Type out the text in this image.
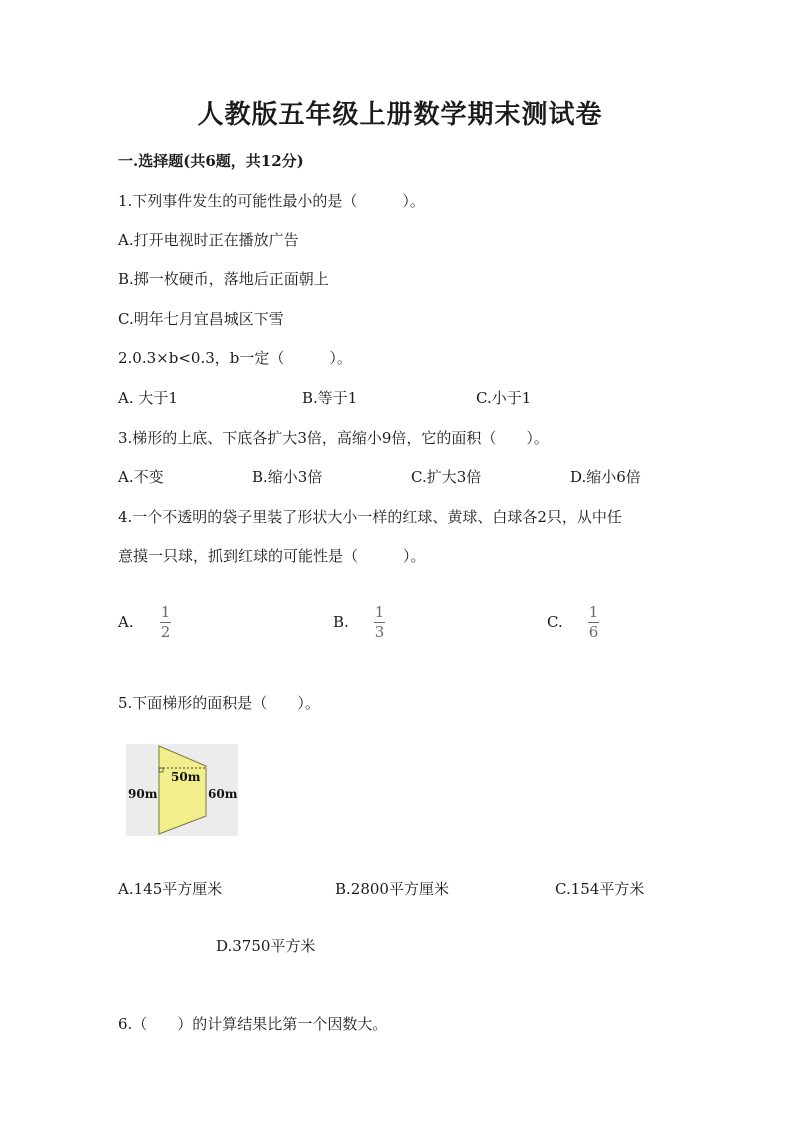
人教版五年级上册数学期末测试卷
一.选择题(共6题，共12分)
1.下列事件发生的可能性最小的是（　　　）。
A.打开电视时正在播放广告
B.掷一枚硬币，落地后正面朝上
C.明年七月宜昌城区下雪
2.0.3×b<0.3，b一定（　　　）。
A. 大于1	B.等于1	C.小于1
3.梯形的上底、下底各扩大3倍，高缩小9倍，它的面积（　　）。
A.不变	B.缩小3倍	C.扩大3倍	D.缩小6倍
4.一个不透明的袋子里装了形状大小一样的红球、黄球、白球各2只，从中任
意摸一只球，抓到红球的可能性是（　　　）。
A.
1
2
B.
1
3
C.
1
6
5.下面梯形的面积是（　　）。
90m
50m
60m
A.145平方厘米	B.2800平方厘米	C.154平方米
D.3750平方米
6.（　　）的计算结果比第一个因数大。
